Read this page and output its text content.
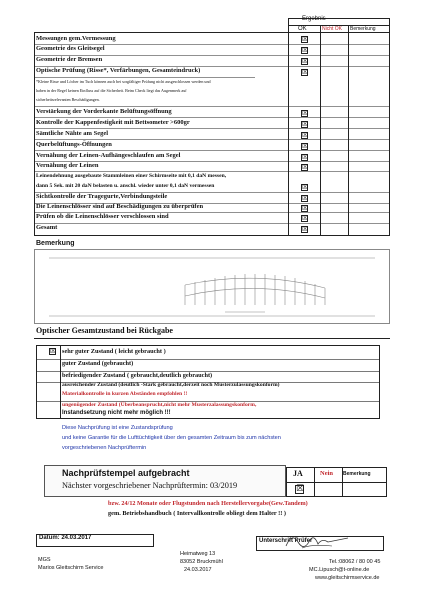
Ergebnis
OK	Nicht OK Bemerkung
Messungen gem.Vermessung	☒
Geometrie des Gleitsegel	☒
Geometrie der Bremsen	☒
Optische Prüfung (Risse*, Verfärbungen, Gesamteindruck)	☒
*Kleine Risse und Löcher im Tuch können auch bei sorgfältiger Prüfung nicht ausgeschlossen werden und
haben in der Regel keinen Einfluss auf die Sicherheit. Beim Check liegt das Augenmerk auf
sicherheitsrelevanten Beschädigungen.
Verstärkung der Vorderkante Belüftungsöffnung	☒
Kontrolle der Kappenfestigkeit mit Bettsometer >600gr	☒
Sämtliche Nähte am Segel	☒
Querbelüftungs-Öffnungen	☒
Vernähung der Leinen-Aufhängeschlaufen am Segel	☒
Vernähung der Leinen	☒
Leinendehnung ausgebaute Stammleinen einer Schirmseite mit 0,1 daN messen,
dann 5 Sek. mit 20 daN belasten u. anschl. wieder unter 0,1 daN vermessen	☒
Sichtkontrolle der Tragegurte,Verbindungsteile	☒
Die Leinenschlösser sind auf Beschädigungen zu überprüfen	☒
Prüfen ob die Leinenschlösser verschlossen sind	☒
Gesamt	☒
Bemerkung
Optischer Gesamtzustand bei Rückgabe
☒ sehr guter Zustand ( leicht gebraucht )
guter Zustand (gebraucht)
befriedigender Zustand ( gebraucht,deutlich gebraucht)
ausreichender Zustand (deutlich -Stark gebraucht,derzeit noch Musterzulassungskonform)
Materialkontrolle in kurzen Abständen empfohlen !!
ungenügender Zustand (Überbeansprucht,nicht mehr Musterzalassungskonform,
Instandsetzung nicht mehr möglich !!!
Diese Nachprüfung ist eine Zustandsprüfung
und keine Garantie für die Lufttüchtigkeit über den gesamten Zeitraum bis zum nächsten
vorgeschriebenen Nachprüftermin
Nachprüfstempel aufgebracht
Nächster vorgeschriebener Nachprüftermin: 03/2019
JA	Nein Bemerkung
☒
bzw. 24/12 Monate oder Flugstunden nach Herstellervorgabe(Gew.Tandem)
gem. Betriebshandbuch ( Intervallkontrolle obliegt dem Halter !! )
Datum: 24.03.2017	Unterschrift Prüfer
MGS
Marios Gleitschirm Service
Heimatweg 13
83052 Bruckmühl
24.03.2017
Tel.:08062 / 80 00 45
MC.Lipusch@t-online.de
www.gleitschirmservice.de
